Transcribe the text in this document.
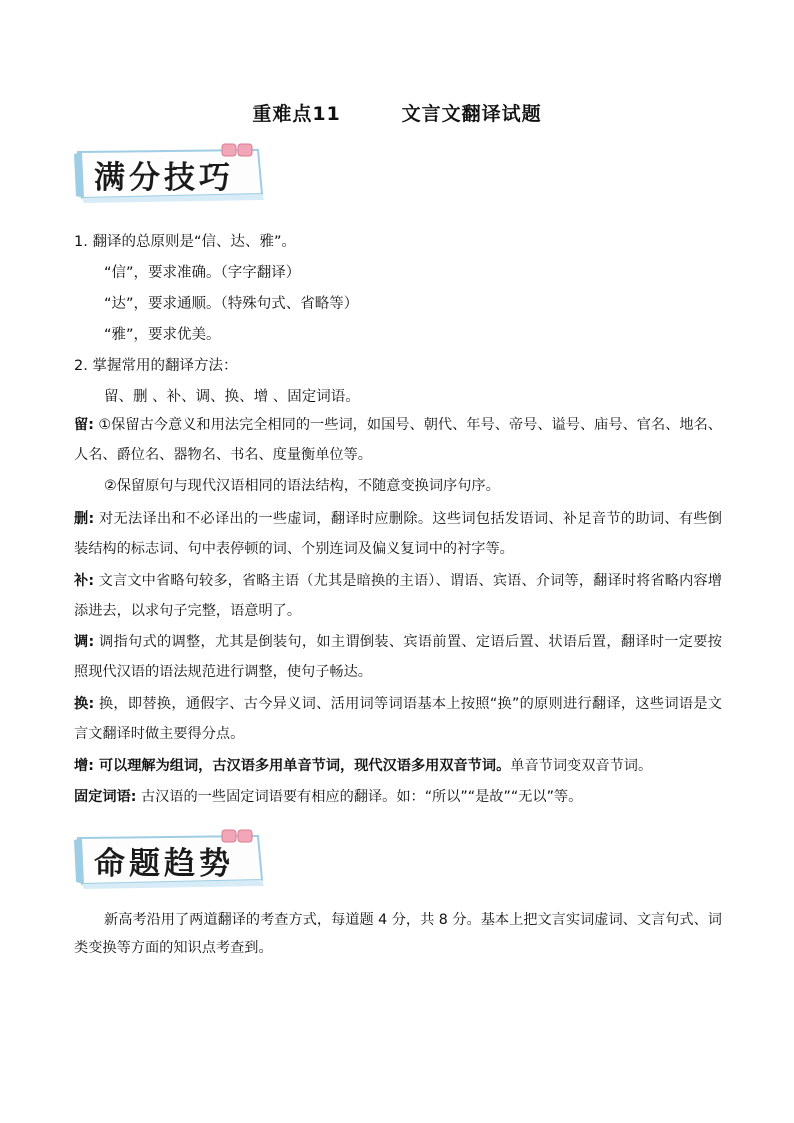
重难点11        文言文翻译试题
满分技巧
1. 翻译的总原则是“信、达、雅”。
“信”，要求准确。（字字翻译）
“达”，要求通顺。（特殊句式、省略等）
“雅”，要求优美。
2. 掌握常用的翻译方法：
留、删 、补、调、换、增 、固定词语。
留: ①保留古今意义和用法完全相同的一些词，如国号、朝代、年号、帝号、谥号、庙号、官名、地名、人名、爵位名、器物名、书名、度量衡单位等。
②保留原句与现代汉语相同的语法结构，不随意变换词序句序。
删: 对无法译出和不必译出的一些虚词，翻译时应删除。这些词包括发语词、补足音节的助词、有些倒装结构的标志词、句中表停顿的词、个别连词及偏义复词中的衬字等。
补: 文言文中省略句较多，省略主语（尤其是暗换的主语）、谓语、宾语、介词等，翻译时将省略内容增添进去，以求句子完整，语意明了。
调: 调指句式的调整，尤其是倒装句，如主谓倒装、宾语前置、定语后置、状语后置，翻译时一定要按照现代汉语的语法规范进行调整，使句子畅达。
换: 换，即替换，通假字、古今异义词、活用词等词语基本上按照“换”的原则进行翻译，这些词语是文言文翻译时做主要得分点。
增: 可以理解为组词，古汉语多用单音节词，现代汉语多用双音节词。单音节词变双音节词。
固定词语: 古汉语的一些固定词语要有相应的翻译。如：“所以”“是故”“无以”等。
命题趋势
新高考沿用了两道翻译的考查方式，每道题 4 分，共 8 分。基本上把文言实词虚词、文言句式、词类变换等方面的知识点考查到。
